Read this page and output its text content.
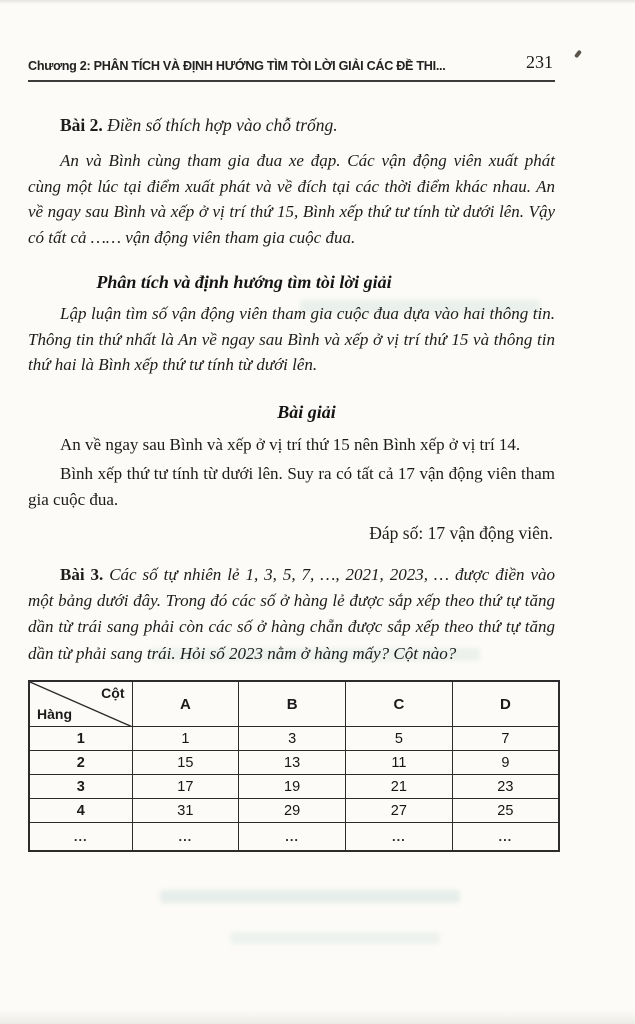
Chương 2: PHÂN TÍCH VÀ ĐỊNH HƯỚNG TÌM TÒI LỜI GIẢI CÁC ĐỀ THI...	231

Bài 2. Điền số thích hợp vào chỗ trống.

An và Bình cùng tham gia đua xe đạp. Các vận động viên xuất phát cùng một lúc tại điểm xuất phát và về đích tại các thời điểm khác nhau. An về ngay sau Bình và xếp ở vị trí thứ 15, Bình xếp thứ tư tính từ dưới lên. Vậy có tất cả …… vận động viên tham gia cuộc đua.

Phân tích và định hướng tìm tòi lời giải

Lập luận tìm số vận động viên tham gia cuộc đua dựa vào hai thông tin. Thông tin thứ nhất là An về ngay sau Bình và xếp ở vị trí thứ 15 và thông tin thứ hai là Bình xếp thứ tư tính từ dưới lên.

Bài giải

An về ngay sau Bình và xếp ở vị trí thứ 15 nên Bình xếp ở vị trí 14.

Bình xếp thứ tư tính từ dưới lên. Suy ra có tất cả 17 vận động viên tham gia cuộc đua.

Đáp số: 17 vận động viên.

Bài 3. Các số tự nhiên lẻ 1, 3, 5, 7, …, 2021, 2023, … được điền vào một bảng dưới đây. Trong đó các số ở hàng lẻ được sắp xếp theo thứ tự tăng dần từ trái sang phải còn các số ở hàng chẵn được sắp xếp theo thứ tự tăng dần từ phải sang trái. Hỏi số 2023 nằm ở hàng mấy? Cột nào?

Cột
Hàng	A	B	C	D
1	1	3	5	7
2	15	13	11	9
3	17	19	21	23
4	31	29	27	25
...	...	...	...	...
